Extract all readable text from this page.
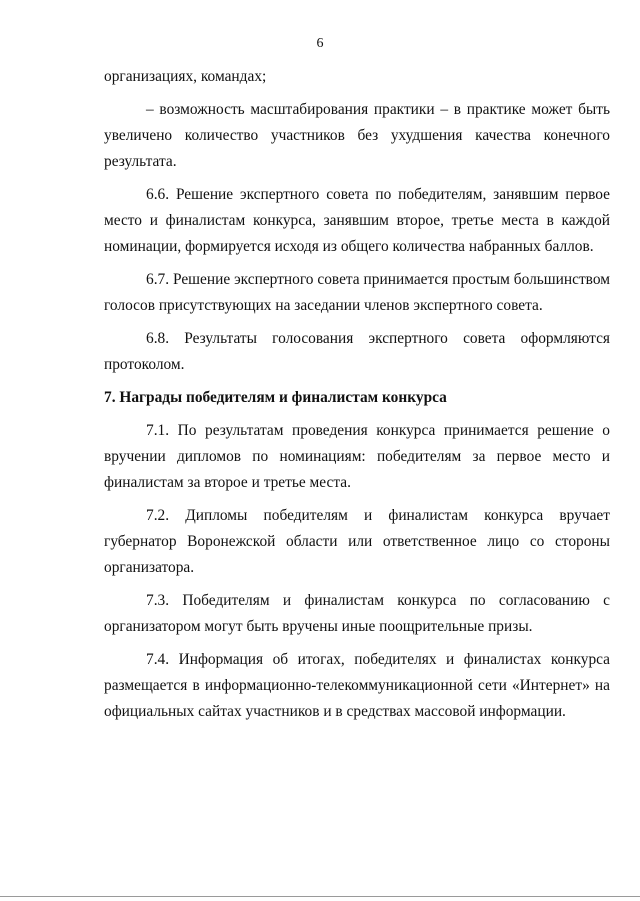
6

организациях, командах;

– возможность масштабирования практики – в практике может быть увеличено количество участников без ухудшения качества конечного результата.

6.6. Решение экспертного совета по победителям, занявшим первое место и финалистам конкурса, занявшим второе, третье места в каждой номинации, формируется исходя из общего количества набранных баллов.

6.7. Решение экспертного совета принимается простым большинством голосов присутствующих на заседании членов экспертного совета.

6.8. Результаты голосования экспертного совета оформляются протоколом.

7. Награды победителям и финалистам конкурса

7.1. По результатам проведения конкурса принимается решение о вручении дипломов по номинациям: победителям за первое место и финалистам за второе и третье места.

7.2. Дипломы победителям и финалистам конкурса вручает губернатор Воронежской области или ответственное лицо со стороны организатора.

7.3. Победителям и финалистам конкурса по согласованию с организатором могут быть вручены иные поощрительные призы.

7.4. Информация об итогах, победителях и финалистах конкурса размещается в информационно-телекоммуникационной сети «Интернет» на официальных сайтах участников и в средствах массовой информации.
